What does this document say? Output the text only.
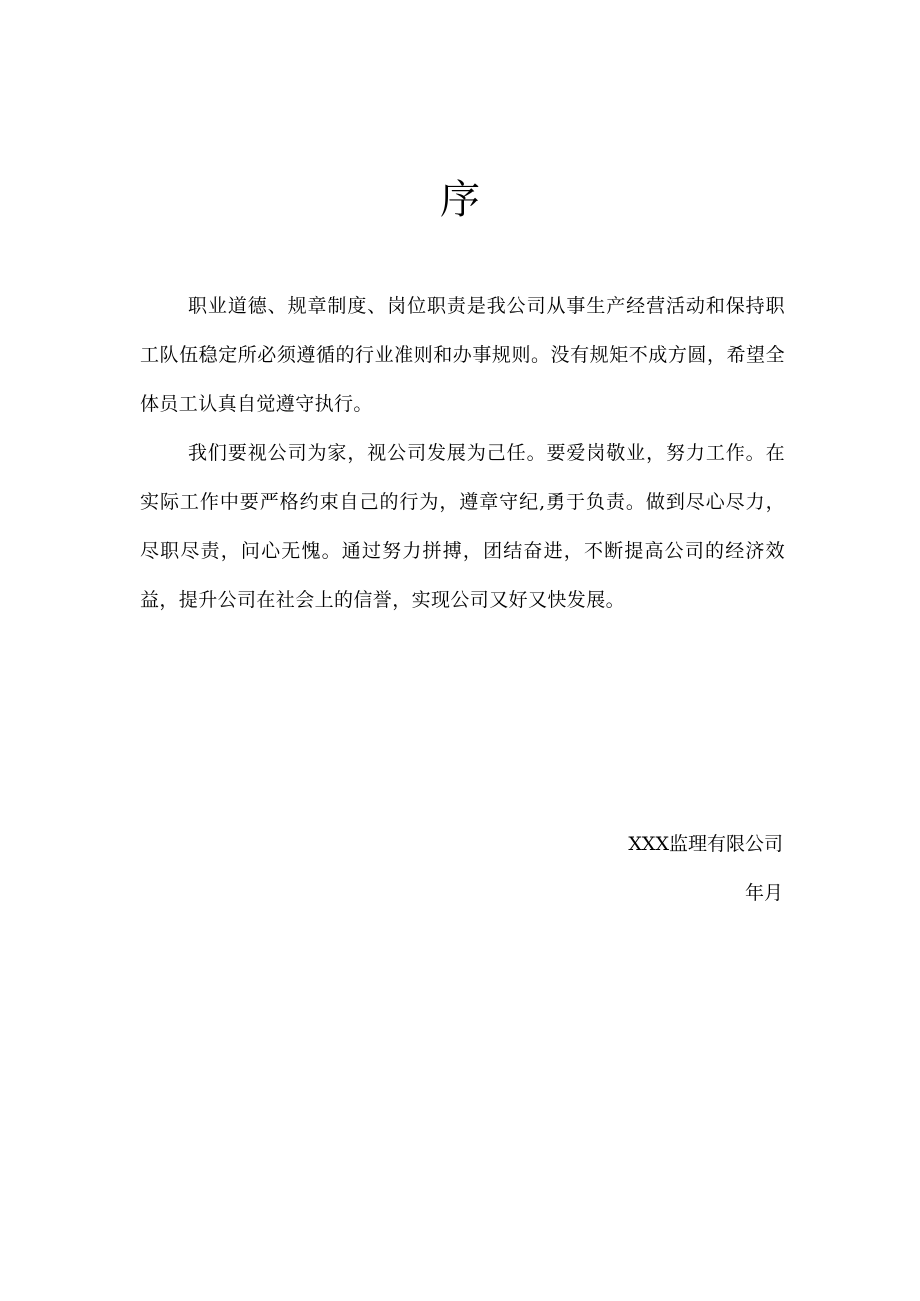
序

职业道德、规章制度、岗位职责是我公司从事生产经营活动和保持职工队伍稳定所必须遵循的行业准则和办事规则。没有规矩不成方圆，希望全体员工认真自觉遵守执行。

我们要视公司为家，视公司发展为己任。要爱岗敬业，努力工作。在实际工作中要严格约束自己的行为，遵章守纪,勇于负责。做到尽心尽力，尽职尽责，问心无愧。通过努力拼搏，团结奋进，不断提高公司的经济效益，提升公司在社会上的信誉，实现公司又好又快发展。

XXX监理有限公司
年月
